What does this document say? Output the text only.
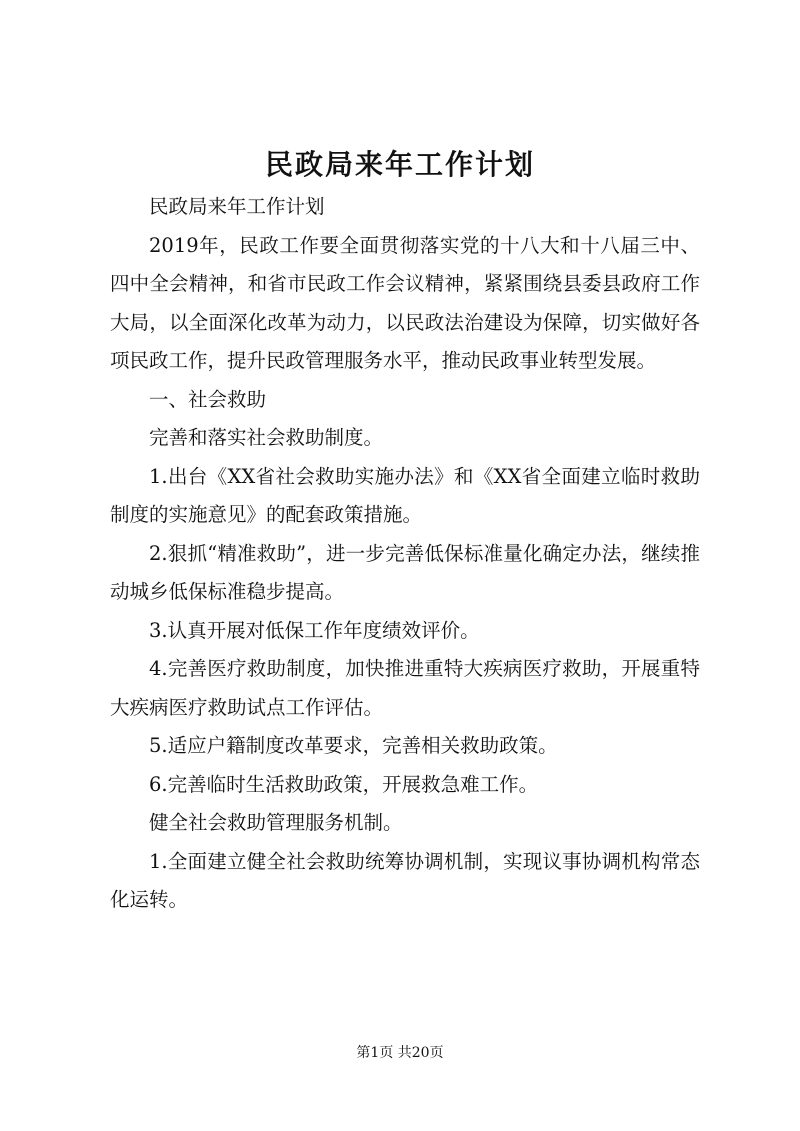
民政局来年工作计划

民政局来年工作计划

2019年，民政工作要全面贯彻落实党的十八大和十八届三中、四中全会精神，和省市民政工作会议精神，紧紧围绕县委县政府工作大局，以全面深化改革为动力，以民政法治建设为保障，切实做好各项民政工作，提升民政管理服务水平，推动民政事业转型发展。

一、社会救助

完善和落实社会救助制度。

1.出台《XX省社会救助实施办法》和《XX省全面建立临时救助制度的实施意见》的配套政策措施。

2.狠抓“精准救助”，进一步完善低保标准量化确定办法，继续推动城乡低保标准稳步提高。

3.认真开展对低保工作年度绩效评价。

4.完善医疗救助制度，加快推进重特大疾病医疗救助，开展重特大疾病医疗救助试点工作评估。

5.适应户籍制度改革要求，完善相关救助政策。

6.完善临时生活救助政策，开展救急难工作。

健全社会救助管理服务机制。

1.全面建立健全社会救助统筹协调机制，实现议事协调机构常态化运转。

第1页 共20页
